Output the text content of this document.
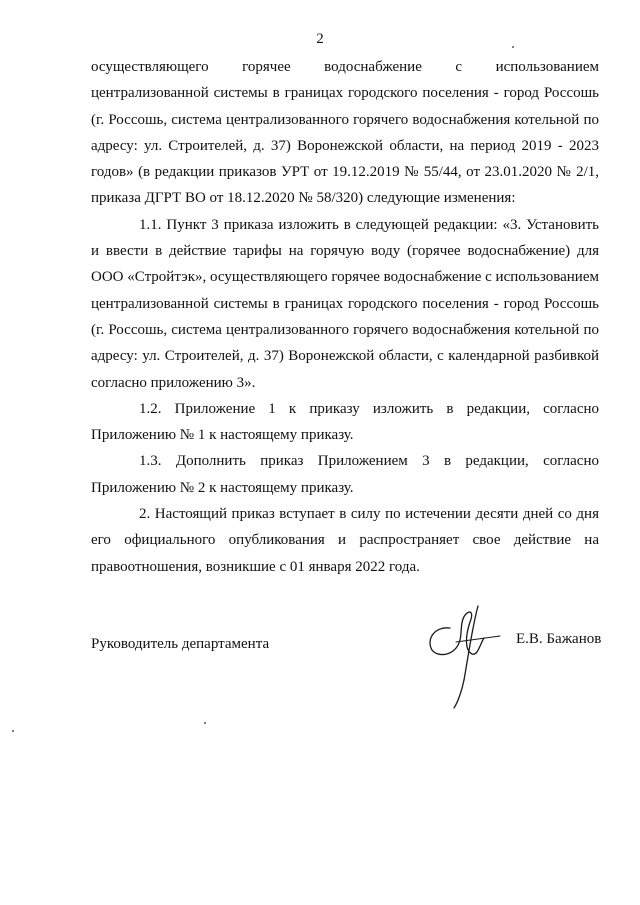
2

осуществляющего горячее водоснабжение с использованием централизованной системы в границах городского поселения - город Россошь (г. Россошь, система централизованного горячего водоснабжения котельной по адресу: ул. Строителей, д. 37) Воронежской области, на период 2019 - 2023 годов» (в редакции приказов УРТ от 19.12.2019 № 55/44, от 23.01.2020 № 2/1, приказа ДГРТ ВО от 18.12.2020 № 58/320) следующие изменения:

1.1. Пункт 3 приказа изложить в следующей редакции: «3. Установить и ввести в действие тарифы на горячую воду (горячее водоснабжение) для ООО «Стройтэк», осуществляющего горячее водоснабжение с использованием централизованной системы в границах городского поселения - город Россошь (г. Россошь, система централизованного горячего водоснабжения котельной по адресу: ул. Строителей, д. 37) Воронежской области, с календарной разбивкой согласно приложению 3».

1.2. Приложение 1 к приказу изложить в редакции, согласно Приложению № 1 к настоящему приказу.

1.3. Дополнить приказ Приложением 3 в редакции, согласно Приложению № 2 к настоящему приказу.

2. Настоящий приказ вступает в силу по истечении десяти дней со дня его официального опубликования и распространяет свое действие на правоотношения, возникшие с 01 января 2022 года.

Руководитель департамента	Е.В. Бажанов
